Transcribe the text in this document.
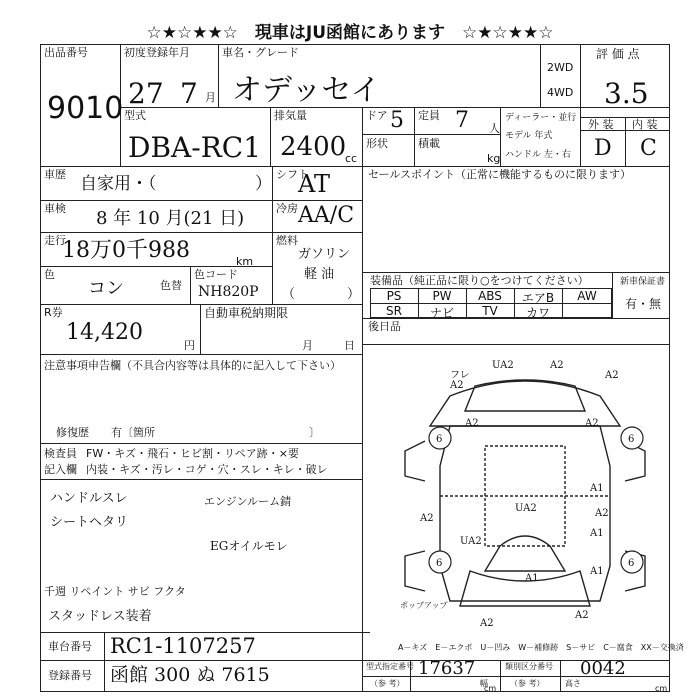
☆★☆★★☆　現車はJU函館にあります　☆★☆★★☆
出品番号
9010
初度登録年月
27 7 月
車名・グレード
オデッセイ
2WD
4WD
評 価 点
3.5
型式
DBA-RC1
排気量
2400
cc
ドア 5
形状
定員 7 人
積載
kg
ディーラー・並行
モデル 年式
ハンドル 左・右
外 装 内 装
D C
車歴 自家用・（	） シフト
AT
車検 8 年 10 月(21 日)	冷房 AA/C
走行
18万0千988	km
燃料
ガソリン
軽 油
（　　　　）
色
コン	色替
色コード
NH820P
R券
14,420
円
自動車税納期限
月	日
セールスポイント（正常に機能するものに限ります）
装備品（純正品に限り○をつけてください）	新車保証書
有・無
PS	PW	ABS	エアB	AW
SR	ナビ	TV	カワ
後日品
注意事項申告欄（不具合内容等は具体的に記入して下さい）
修復歴　　有〔箇所　　　　　　　　　　　　　　〕
検査員
記入欄
FW・キズ・飛石・ヒビ割・リペア跡・×要
内装・キズ・汚レ・コゲ・穴・スレ・キレ・破レ
ハンドルスレ
シートヘタリ
エンジンルーム錆
EGオイルモレ
千週 リペイント サビ フクタ
スタッドレス装着
6	6
6	6
UA2
A2
A2
A2	A2
A1
UA2
UA2
A1
A1
A2
A2
A2
A2
A2
A1
フレ
ポップアップ
A－キズ　E－エクボ　U－凹み　W－補修跡　S－サビ　C－腐食　XX－交換済
車台番号 RC1-1107257
登録番号 函館 300 ぬ 7615	型式指定番号
（参 考）
17637	類別区分番号
（参 考）
0042
幅	高さ
cm	cm
